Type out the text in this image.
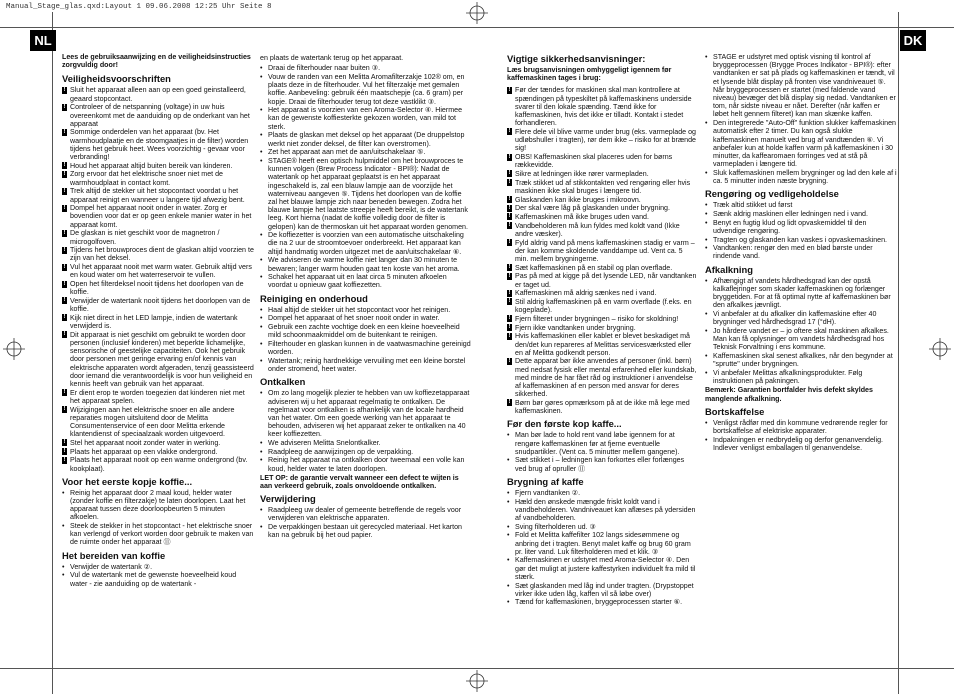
Manual_Stage_glas.qxd:Layout 1 09.06.2008 12:25 Uhr Seite 8
NL	DK
Lees de gebruiksaanwijzing en de veiligheidsinstructies zorgvuldig door!
Veiligheidsvoorschriften
! Sluit het apparaat alleen aan op een goed geinstalleerd, geaard stopcontact.
! Controleer of de netspanning (voltage) in uw huis overeenkomt met de aanduiding op de onderkant van het apparaat
! Sommige onderdelen van het apparaat (bv. Het warmhoudplaatje en de stoomgaatjes in de filter) worden tijdens het gebruik heet. Wees voorzichtig - gevaar voor verbranding!
! Houd het apparaat altijd buiten bereik van kinderen.
! Zorg ervoor dat het elektrische snoer niet met de warmhoudplaat in contact komt.
! Trek altijd de stekker uit het stopcontact voordat u het apparaat reinigt en wanneer u langere tijd afwezig bent.
! Dompel het apparaat nooit onder in water. Zorg er bovendien voor dat er op geen enkele manier water in het apparaat komt.
! De glaskan is niet geschikt voor de magnetron / microgolfoven.
! Tijdens het brouwproces dient de glaskan altijd voorzien te zijn van het deksel.
! Vul het apparaat nooit met warm water. Gebruik altijd vers en koud water om het waterreservoir te vullen.
! Open het filterdeksel nooit tijdens het doorlopen van de koffie.
! Verwijder de watertank nooit tijdens het doorlopen van de koffie.
! Kijk niet direct in het LED lampje, indien de watertank verwijderd is.
! Dit apparaat is niet geschikt om gebruikt te worden door personen (inclusief kinderen) met beperkte lichamelijke, sensorische of geestelijke capaciteiten. Ook het gebruik door personen met geringe ervaring en/of kennis van elektrische apparaten wordt afgeraden, tenzij geassisteerd door iemand die verantwoordelijk is voor hun veiligheid en kennis heeft van gebruik van het apparaat.
! Er dient erop te worden toegezien dat kinderen niet met het apparaat spelen.
! Wijzigingen aan het elektrische snoer en alle andere reparaties mogen uitsluitend door de Melitta Consumentenservice of een door Melitta erkende klantendienst of speciaalzaak worden uitgevoerd.
! Stel het apparaat nooit zonder water in werking.
! Plaats het apparaat op een vlakke ondergrond.
! Plaats het apparaat nooit op een warme ondergrond (bv. kookplaat).
Voor het eerste kopje koffie...
• Reinig het apparaat door 2 maal koud, helder water (zonder koffie en filterzakje) te laten doorlopen. Laat het apparaat tussen deze doorloopbeurten 5 minuten afkoelen.
• Steek de stekker in het stopcontact - het elektrische snoer kan verlengd of verkort worden door gebruik te maken van de ruimte onder het apparaat ⑪
Het bereiden van koffie
• Verwijder de watertank ②.
• Vul de watertank met de gewenste hoeveelheid koud water - zie aanduiding op de watertank -
en plaats de watertank terug op het apparaat.
• Draai de filterhouder naar buiten ③.
• Vouw de randen van een Melitta Aromafilterzakje 102® om, en plaats deze in de filterhouder. Vul het filterzakje met gemalen koffie. Aanbeveling: gebruik één maatschepje (ca. 6 gram) per kopje. Draai de filterhouder terug tot deze vastklikt ③.
• Het apparaat is voorzien van een Aroma-Selector ④. Hiermee kan de gewenste koffiesterkte gekozen worden, van mild tot sterk.
• Plaats de glaskan met deksel op het apparaat (De druppelstop werkt niet zonder deksel, de filter kan overstromen).
• Zet het apparaat aan met de aan/uitschakelaar ⑤.
• STAGE® heeft een optisch hulpmiddel om het brouwproces te kunnen volgen (Brew Process Indicator - BPI®): Nadat de watertank op het apparaat geplaatst is en het apparaat ingeschakeld is, zal een blauw lampje aan de voorzijde het waterniveau aangeven ⑤. Tijdens het doorlopen van de koffie zal het blauwe lampje zich naar beneden bewegen. Zodra het blauwe lampje het laatste streepje heeft bereikt, is de watertank leeg. Kort hierna (nadat de koffie volledig door de filter is gelopen) kan de thermoskan uit het apparaat worden genomen.
• De koffiezetter is voorzien van een automatische uitschakeling die na 2 uur de stroomtoevoer onderbreekt. Het apparaat kan altijd handmatig worden uitgezet met de aan/uitschakelaar ⑥.
• We adviseren de warme koffie niet langer dan 30 minuten te bewaren; langer warm houden gaat ten koste van het aroma.
• Schakel het apparaat uit en laat circa 5 minuten afkoelen voordat u opnieuw gaat koffiezetten.
Reiniging en onderhoud
• Haal altijd de stekker uit het stopcontact voor het reinigen.
• Dompel het apparaat of het snoer nooit onder in water.
• Gebruik een zachte vochtige doek en een kleine hoeveelheid mild schoonmaakmiddel om de buitenkant te reinigen.
• Filterhouder en glaskan kunnen in de vaatwasmachine gereinigd worden.
• Watertank; reinig hardnekkige vervuiling met een kleine borstel onder stromend, heet water.
Ontkalken
• Om zo lang mogelijk plezier te hebben van uw koffiezetapparaat adviseren wij u het apparaat regelmatig te ontkalken. De regelmaat voor ontkalken is afhankelijk van de locale hardheid van het water. Om een goede werking van het apparaat te behouden, adviseren wij het apparaat zeker te ontkalken na 40 keer koffiezetten.
• We adviseren Melitta Snelontkalker.
• Raadpleeg de aanwijzingen op de verpakking.
• Reinig het apparaat na ontkalken door tweemaal een volle kan koud, helder water te laten doorlopen.
LET OP: de garantie vervalt wanneer een defect te wijten is aan verkeerd gebruik, zoals onvoldoende ontkalken.
Verwijdering
• Raadpleeg uw dealer of gemeente betreffende de regels voor verwijderen van elektrische apparaten.
• De verpakkingen bestaan uit gerecycled materiaal. Het karton kan na gebruik bij het oud papier.
Vigtige sikkerhedsanvisninger:
Læs brugsanvisningen omhyggeligt igennem før kaffemaskinen tages i brug:
! Før der tændes for maskinen skal man kontrollere at spændingen på typeskiltet på kaffemaskinens underside svarer til den lokale spænding. Tænd ikke for kaffemaskinen, hvis det ikke er tilladt. Kontakt i stedet forhandleren.
! Flere dele vil blive varme under brug (eks. varmeplade og udløbshuller i tragten), rør dem ikke – risiko for at brænde sig!
! OBS! Kaffemaskinen skal placeres uden for børns rækkevidde.
! Sikre at ledningen ikke rører varmepladen.
! Træk stikket ud af stikkontakten ved rengøring eller hvis maskinen ikke skal bruges i længere tid.
! Glaskanden kan ikke bruges i mikroovn.
! Der skal være låg på glaskanden under brygning.
! Kaffemaskinen må ikke bruges uden vand.
! Vandbeholderen må kun fyldes med koldt vand (Ikke andre væsker).
! Fyld aldrig vand på mens kaffemaskinen stadig er varm – der kan komme skoldende vanddampe ud. Vent ca. 5 min. mellem brygningerne.
! Sæt kaffemaskinen på en stabil og plan overflade.
! Pas på med at kigge på det lysende LED, når vandtanken er taget ud.
! Kaffemaskinen må aldrig sænkes ned i vand.
! Stil aldrig kaffemaskinen på en varm overflade (f.eks. en kogeplade).
! Fjern filteret under brygningen – risiko for skoldning!
! Fjern ikke vandtanken under brygning.
! Hvis kaffemaskinen eller kablet er blevet beskadiget må den/det kun repareres af Melittas servicesværksted eller en af Melitta godkendt person.
! Dette apparat bør ikke anvendes af personer (inkl. børn) med nedsat fysisk eller mental erfarenhed eller kundskab, med mindre de har fået råd og instruktioner i anvendelse af kaffemaskinen af en person med ansvar for deres sikkerhed.
! Børn bør gøres opmærksom på at de ikke må lege med kaffemaskinen.
Før den første kop kaffe...
• Man bør lade to hold rent vand løbe igennem for at rengøre kaffemaskinen før at fjerne eventuelle snudpartikler. (Vent ca. 5 minutter mellem gangene).
• Sæt stikket i – ledningen kan forkortes eller forlænges ved brug af opruller ⑪
Brygning af kaffe
• Fjern vandtanken ②.
• Hæld den ønskede mængde friskt koldt vand i vandbeholderen. Vandniveauet kan aflæses på ydersiden af vandbeholderen.
• Sving filterholderen ud. ③
• Fold et Melitta kaffefilter 102 langs sidesømmene og anbring det i tragten. Benyt malet kaffe og brug 60 gram pr. liter vand. Luk filterholderen med et klik. ③
• Kaffemaskinen er udstyret med Aroma-Selector ④. Den gør det muligt at justere kaffestyrken individuelt fra mild til stærk.
• Sæt glaskanden med låg ind under tragten. (Drypstoppet virker ikke uden låg, kaffen vil så løbe over)
• Tænd for kaffemaskinen, bryggeprocessen starter ⑥.
• STAGE er udstyret med optisk visning til kontrol af bryggeprocessen (Brygge Proces Indikator - BPI®): efter vandtanken er sat på plads og kaffemaskinen er tændt, vil et lysende blåt display på fronten vise vandniveauet ⑤. Når bryggeprocessen er startet (med faldende vand niveau) bevæger det blå display sig nedad. Vandtanken er tom, når sidste niveau er nået. Derefter (når kaffen er løbet helt gennem filteret) kan man skænke kaffen.
• Den integrerede "Auto-Off" funktion slukker kaffemaskinen automatisk efter 2 timer. Du kan også slukke kaffemaskinen manuelt ved brug af vandtænden ⑥. Vi anbefaler kun at holde kaffen varm på kaffemaskinen i 30 minutter, da kaffearomaen forringes ved at stå på varmepladen i længere tid.
• Sluk kaffemaskinen mellem brygninger og lad den køle af i ca. 5 minutter inden næste brygning.
Rengøring og vedligeholdelse
• Træk altid stikket ud først
• Sænk aldrig maskinen eller ledningen ned i vand.
• Benyt en fugtig klud og lidt opvaskemiddel til den udvendige rengøring.
• Tragten og glaskanden kan vaskes i opvaskemaskinen.
• Vandtanken: rengør den med en blød børste under rindende vand.
Afkalkning
• Afhængigt af vandets hårdhedsgrad kan der opstå kalkaflejringer som skader kaffemaskinen og forlænger bryggetiden. For at få optimal nytte af kaffemaskinen bør den afkalkes jævnligt.
• Vi anbefaler at du afkalker din kaffemaskine efter 40 brygninger ved hårdhedsgrad 17 (°dH).
• Jo hårdere vandet er – jo oftere skal maskinen afkalkes. Man kan få oplysninger om vandets hårdhedsgrad hos Teknisk Forvaltning i ens kommune.
• Kaffemaskinen skal senest afkalkes, når den begynder at "sprutte" under brygningen.
• Vi anbefaler Melittas afkalkningsprodukter. Følg instruktionen på pakningen.
Bemærk: Garantien bortfalder hvis defekt skyldes manglende afkalkning.
Bortskaffelse
• Venligst rådfør med din kommune vedrørende regler for bortskaffelse af elektriske apparater.
• Indpakningen er nedbrydelig og derfor genanvendelig. Indlever venligst emballagen til genanvendelse.
